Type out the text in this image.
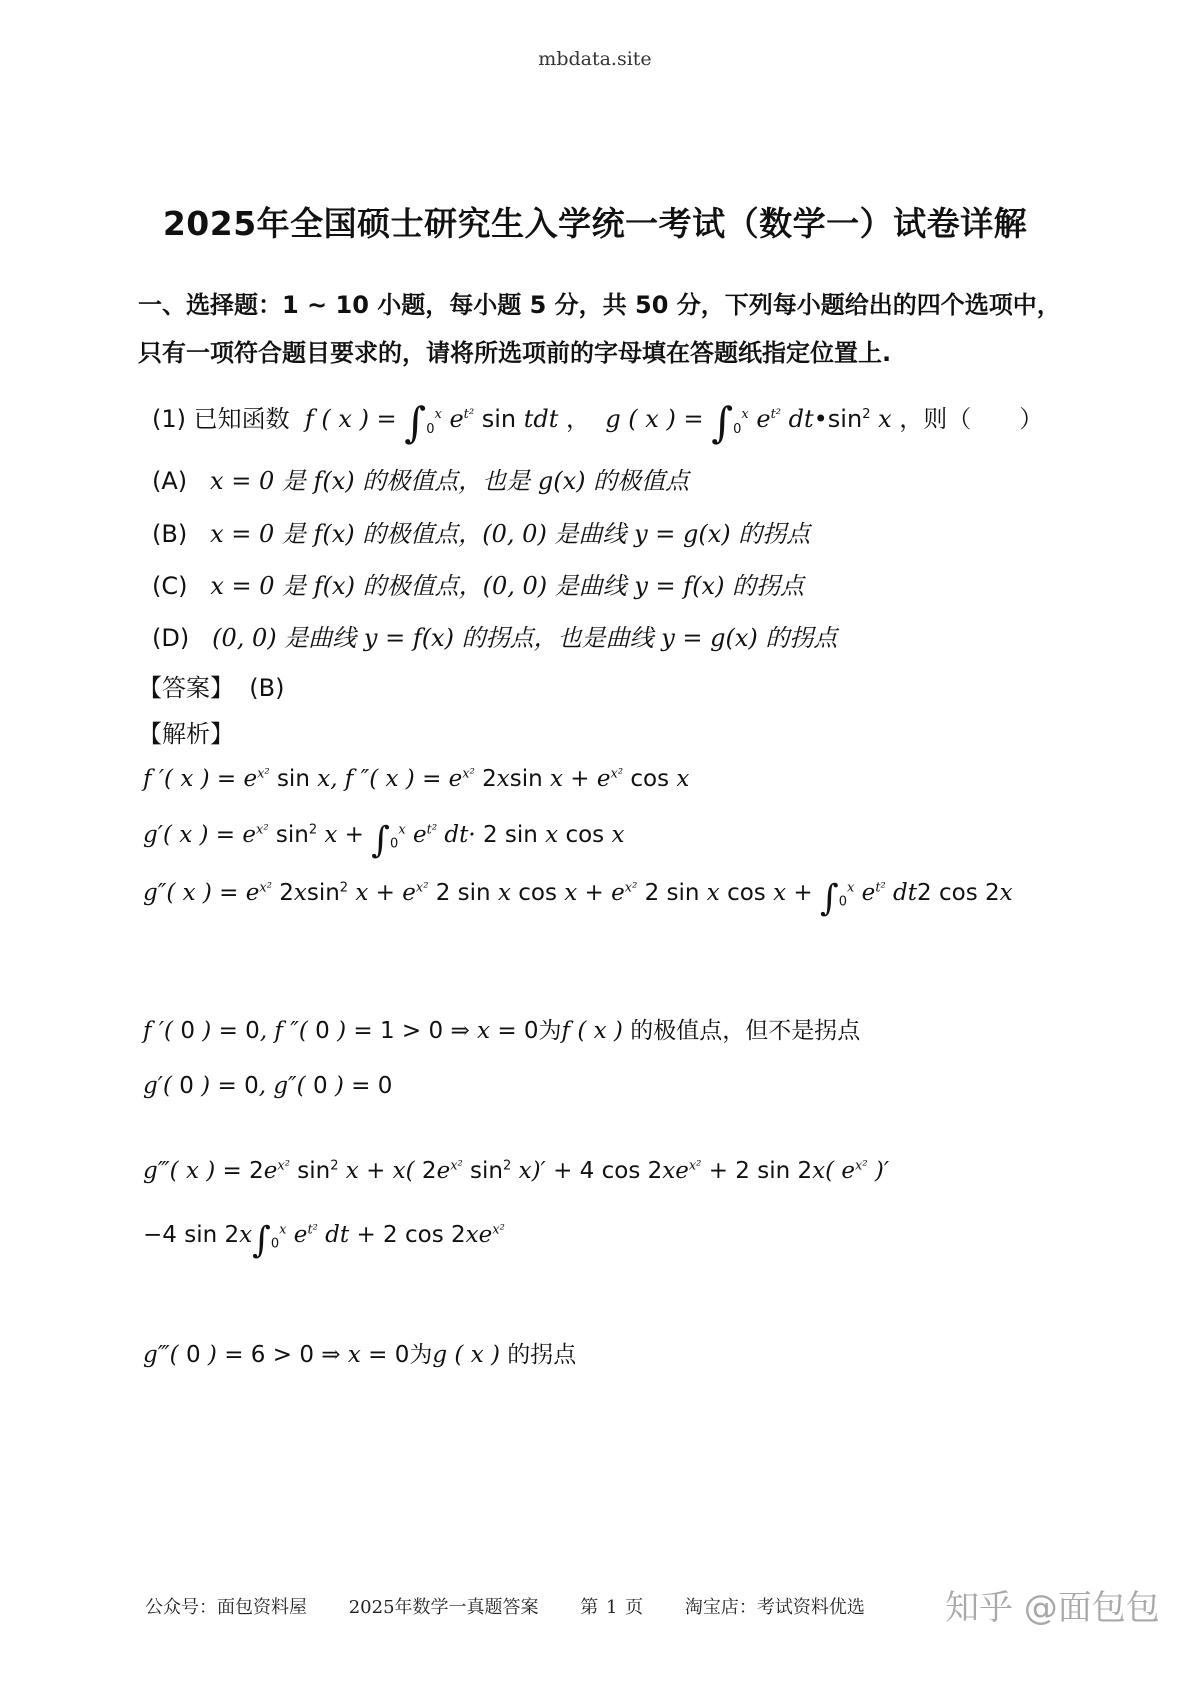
mbdata.site
2025年全国硕士研究生入学统一考试（数学一）试卷详解
一、选择题：1 ~ 10 小题，每小题 5 分，共 50 分，下列每小题给出的四个选项中，
只有一项符合题目要求的，请将所选项前的字母填在答题纸指定位置上.
(1) 已知函数  f ( x ) = $\int_0^x$ $e^{t^2}$ sin tdt ，  g ( x ) = $\int_0^x$ $e^{t^2}$ $dt•\sin^2$ x ，则（　　）
(A) x = 0 是 f(x) 的极值点，也是 g(x) 的极值点
(B) x = 0 是 f(x) 的极值点，(0, 0) 是曲线 y = g(x) 的拐点
(C) x = 0 是 f(x) 的极值点，(0, 0) 是曲线 y = f(x) 的拐点
(D) (0, 0) 是曲线 y = f(x) 的拐点，也是曲线 y = g(x) 的拐点
【答案】 (B)
【解析】
f ′( x ) = $e^{x^2}$ sin x, f ″( x ) = $e^{x^2}$ 2xsin $x + e^{x^2}$ cos x
g′( x ) = $e^{x^2}$ $\sin^2 x + \int_0^x$ $e^{t^2}$ dt· 2 sin x cos x
g″( x ) = $e^{x^2}$ 2xsin$^2$ $x + e^{x^2}$ 2 sin x $\cos x + e^{x^2}$ 2 sin x $\cos x + \int_0^x$ $e^{t^2}$ dt2 cos 2x
f ′( 0 ) = 0, f ″( 0 ) = 1 > 0 ⇒ x = 0为f ( x ) 的极值点，但不是拐点
g′( 0 ) = 0, g″( 0 ) = 0
g‴( x ) = $2e^{x^2}$ $\sin^2 x + x$( $2e^{x^2}$ $\sin^2 x)' + 4$ $\cos 2xe^{x^2} + 2$ sin 2x( $e^{x^2}$ )′
−4 $\sin 2x\int_0^x$ $e^{t^2}$ dt + 2 $\cos 2xe^{x^2}$
g‴( 0 ) = 6 > 0 ⇒ x = 0为g ( x ) 的拐点
公众号：面包资料屋 2025年数学一真题答案 第 1 页 淘宝店：考试资料优选	知乎 @面包包
